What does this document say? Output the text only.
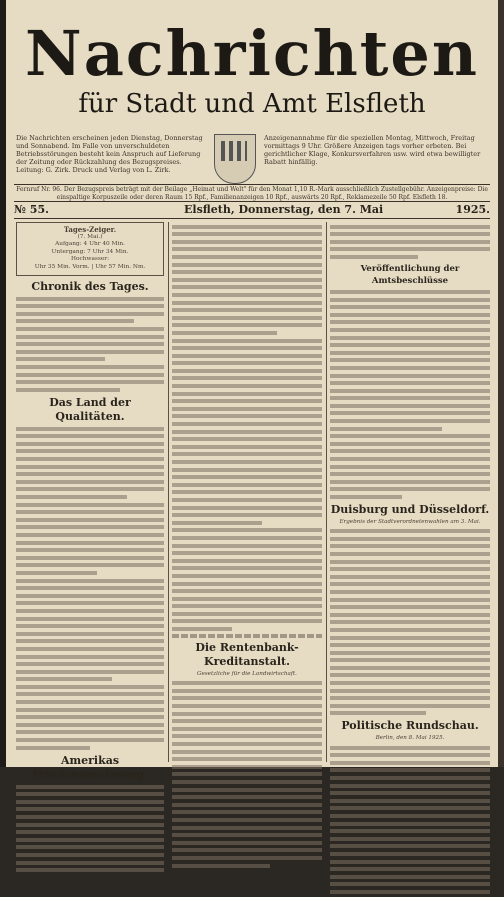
Nachrichten
für Stadt und Amt Elsfleth
Die Nachrichten erscheinen jeden Dienstag, Donnerstag und Sonnabend. Im Falle von unverschuldeten Betriebsstörungen besteht kein Anspruch auf Lieferung der Zeitung oder Rückzahlung des Bezugspreises. Leitung: G. Zirk. Druck und Verlag von L. Zirk.
Anzeigenannahme für die speziellen Montag, Mittwoch, Freitag vormittags 9 Uhr. Größere Anzeigen tags vorher erbeten. Bei gerichtlicher Klage, Konkursverfahren usw. wird etwa bewilligter Rabatt hinfällig.
Fernruf Nr. 96. Der Bezugspreis beträgt mit der Beilage „Heimat und Welt" für den Monat 1,10 R.-Mark ausschließlich Zustellgebühr. Anzeigenpreise: Die einspaltige Korpuszeile oder deren Raum 15 Rpf., Familienanzeigen 10 Rpf., auswärts 20 Rpf., Reklamezeile 50 Rpf. Elsfleth 18.
№ 55.	Elsfleth, Donnerstag, den 7. Mai	1925.
Tages-Zeiger.
(7. Mai.)
Aufgang: 4 Uhr 40 Min.
Untergang: 7 Uhr 34 Min.
Hochwasser:
Uhr 35 Min. Vorm. | Uhr 57 Min. Nm.
Chronik des Tages.
Das Land der Qualitäten.
Amerikas Friedensmahnung.
Die Rentenbank-Kreditanstalt.
Gesetzliche für die Landwirtschaft.
Veröffentlichung der Amtsbeschlüsse
Duisburg und Düsseldorf.
Ergebnis der Stadtverordnetenwahlen am 3. Mai.
Politische Rundschau.
Berlin, den 8. Mai 1925.
